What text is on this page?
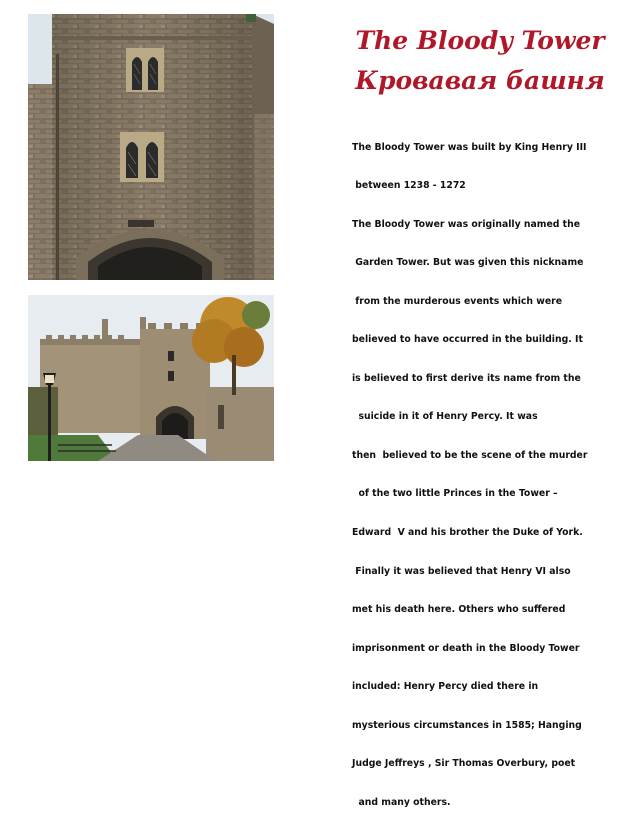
The Bloody Tower
Кровавая башня

The Bloody Tower was built by King Henry III

between 1238 - 1272

The Bloody Tower was originally named the

Garden Tower. But was given this nickname

from the murderous events which were

believed to have occurred in the building. It

is believed to first derive its name from the

suicide in it of Henry Percy. It was

then  believed to be the scene of the murder

of the two little Princes in the Tower –

Edward  V and his brother the Duke of York.

Finally it was believed that Henry VI also

met his death here. Others who suffered

imprisonment or death in the Bloody Tower

included: Henry Percy died there in

mysterious circumstances in 1585; Hanging

Judge Jeffreys , Sir Thomas Overbury, poet

and many others.
